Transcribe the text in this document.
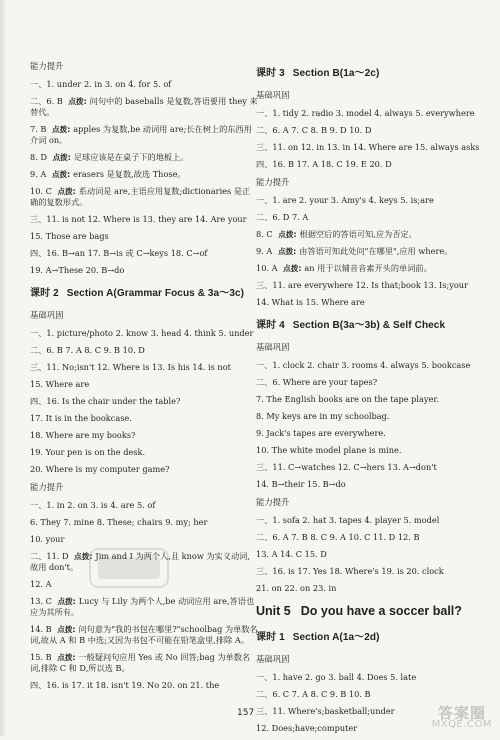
能力提升
一、1. under 2. in 3. on 4. for 5. of
二、6. B 点拨: 问句中的 baseballs 是复数,答语要用 they 来替代。
7. B 点拨: apples 为复数,be 动词用 are;长在树上的东西用介词 on。
8. D 点拨: 足球应该是在桌子下的地板上。
9. A 点拨: erasers 是复数,故选 Those。
10. C 点拨: 系动词是 are,主语应用复数;dictionaries 是正确的复数形式。
三、11. is not 12. Where is 13. they are 14. Are your
15. Those are bags
四、16. B→an 17. B→is 或 C→keys 18. C→of
19. A→These 20. B→do
课时 2 Section A(Grammar Focus & 3a～3c)
基础巩固
一、1. picture/photo 2. know 3. head 4. think 5. under
二、6. B 7. A 8. C 9. B 10. D
三、11. No;isn't 12. Where is 13. Is his 14. is not
15. Where are
四、16. Is the chair under the table?
17. It is in the bookcase.
18. Where are my books?
19. Your pen is on the desk.
20. Where is my computer game?
能力提升
一、1. in 2. on 3. is 4. are 5. of
6. They 7. mine 8. These; chairs 9. my; her
10. your
二、11. D 点拨: Jim and I 为两个人,且 know 为实义动词,故用 don't。
12. A
13. C 点拨: Lucy 与 Lily 为两个人,be 动词应用 are,答语也应为其所有。
14. B 点拨: 问句意为"我的书包在哪里?"schoolbag 为单数名词,故从 A 和 B 中选;又因为书包不可能在铅笔盒里,排除 A。
15. B 点拨: 一般疑问句应用 Yes 或 No 回答;bag 为单数名词,排除 C 和 D,所以选 B。
四、16. is 17. it 18. isn't 19. No 20. on 21. the
课时 3 Section B(1a～2c)
基础巩固
一、1. tidy 2. radio 3. model 4. always 5. everywhere
二、6. A 7. C 8. B 9. D 10. D
三、11. on 12. in 13. in 14. Where are 15. always asks
四、16. B 17. A 18. C 19. E 20. D
能力提升
一、1. are 2. your 3. Amy's 4. keys 5. is;are
二、6. D 7. A
8. C 点拨: 根据空后的答语可知,应为否定。
9. A 点拨: 由答语可知此处问"在哪里",应用 where。
10. A 点拨: an 用于以辅音音素开头的单词前。
三、11. are everywhere 12. Is that;book 13. Is;your
14. What is 15. Where are
课时 4 Section B(3a～3b) & Self Check
基础巩固
一、1. clock 2. chair 3. rooms 4. always 5. bookcase
二、6. Where are your tapes?
7. The English books are on the tape player.
8. My keys are in my schoolbag.
9. Jack's tapes are everywhere.
10. The white model plane is mine.
三、11. C→watches 12. C→hers 13. A→don't
14. B→their 15. B→do
能力提升
一、1. sofa 2. hat 3. tapes 4. player 5. model
二、6. A 7. B 8. C 9. A 10. C 11. D 12. B
13. A 14. C 15. D
三、16. is 17. Yes 18. Where's 19. is 20. clock
21. on 22. on 23. in
Unit 5 Do you have a soccer ball?
课时 1 Section A(1a～2d)
基础巩固
一、1. have 2. go 3. ball 4. Does 5. late
二、6. C 7. A 8. C 9. B 10. B
三、11. Where's;basketball;under
12. Does;have;computer
157	答案圈
MXQE.COM
